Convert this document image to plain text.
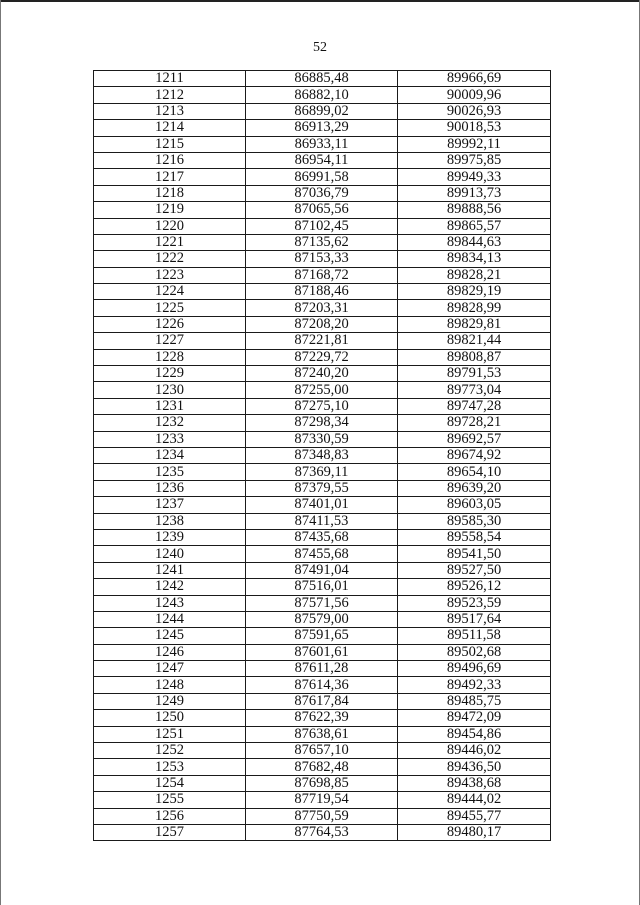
52
1211	86885,48	89966,69
1212	86882,10	90009,96
1213	86899,02	90026,93
1214	86913,29	90018,53
1215	86933,11	89992,11
1216	86954,11	89975,85
1217	86991,58	89949,33
1218	87036,79	89913,73
1219	87065,56	89888,56
1220	87102,45	89865,57
1221	87135,62	89844,63
1222	87153,33	89834,13
1223	87168,72	89828,21
1224	87188,46	89829,19
1225	87203,31	89828,99
1226	87208,20	89829,81
1227	87221,81	89821,44
1228	87229,72	89808,87
1229	87240,20	89791,53
1230	87255,00	89773,04
1231	87275,10	89747,28
1232	87298,34	89728,21
1233	87330,59	89692,57
1234	87348,83	89674,92
1235	87369,11	89654,10
1236	87379,55	89639,20
1237	87401,01	89603,05
1238	87411,53	89585,30
1239	87435,68	89558,54
1240	87455,68	89541,50
1241	87491,04	89527,50
1242	87516,01	89526,12
1243	87571,56	89523,59
1244	87579,00	89517,64
1245	87591,65	89511,58
1246	87601,61	89502,68
1247	87611,28	89496,69
1248	87614,36	89492,33
1249	87617,84	89485,75
1250	87622,39	89472,09
1251	87638,61	89454,86
1252	87657,10	89446,02
1253	87682,48	89436,50
1254	87698,85	89438,68
1255	87719,54	89444,02
1256	87750,59	89455,77
1257	87764,53	89480,17
